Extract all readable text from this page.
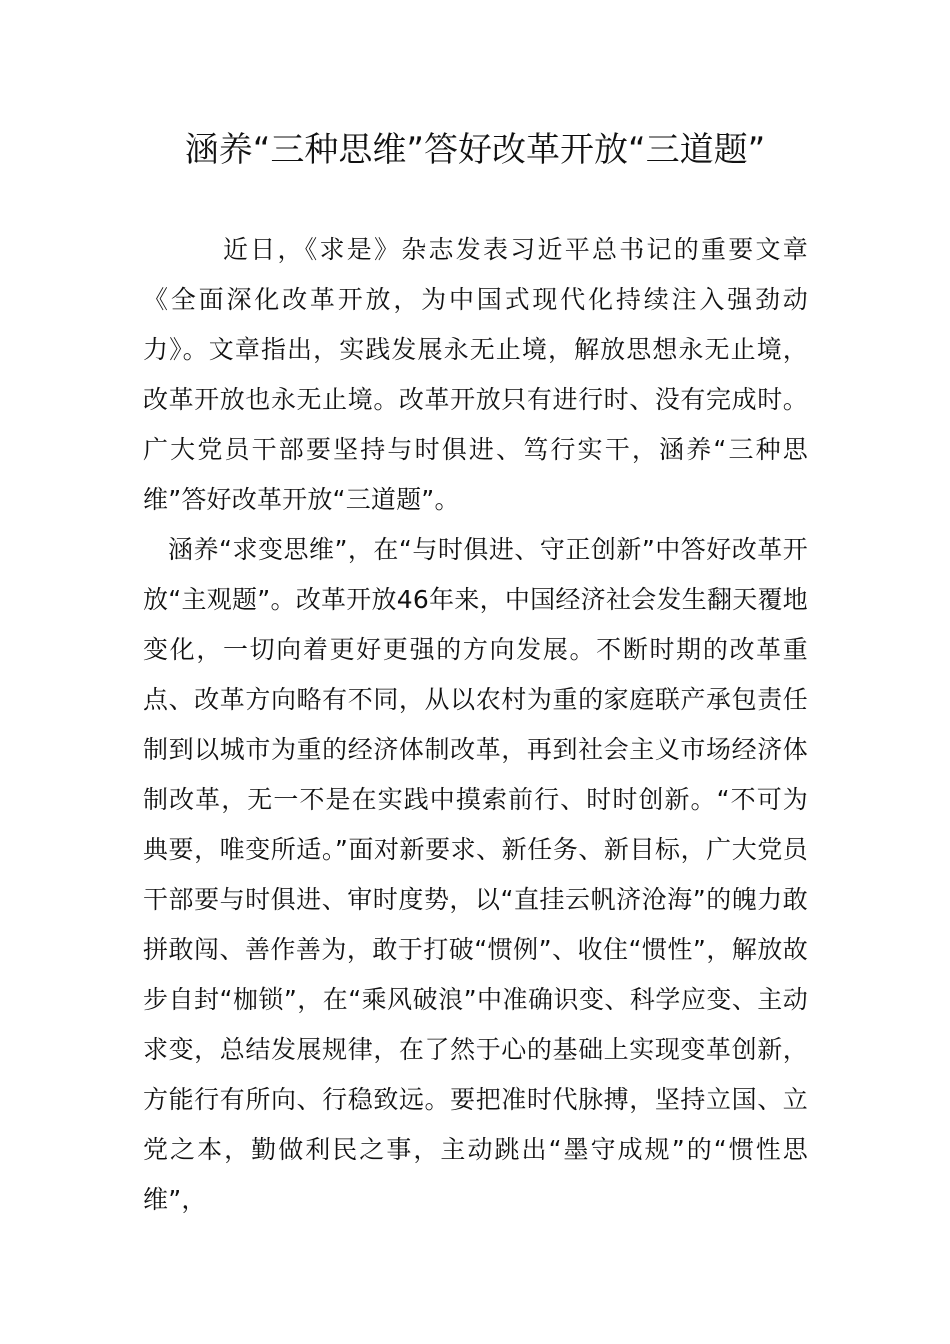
涵养“三种思维”答好改革开放“三道题”

近日，《求是》杂志发表习近平总书记的重要文章《全面深化改革开放，为中国式现代化持续注入强劲动力》。文章指出，实践发展永无止境，解放思想永无止境，改革开放也永无止境。改革开放只有进行时、没有完成时。广大党员干部要坚持与时俱进、笃行实干，涵养“三种思维”答好改革开放“三道题”。

涵养“求变思维”，在“与时俱进、守正创新”中答好改革开放“主观题”。改革开放46年来，中国经济社会发生翻天覆地变化，一切向着更好更强的方向发展。不断时期的改革重点、改革方向略有不同，从以农村为重的家庭联产承包责任制到以城市为重的经济体制改革，再到社会主义市场经济体制改革，无一不是在实践中摸索前行、时时创新。“不可为典要，唯变所适。”面对新要求、新任务、新目标，广大党员干部要与时俱进、审时度势，以“直挂云帆济沧海”的魄力敢拼敢闯、善作善为，敢于打破“惯例”、收住“惯性”，解放故步自封“枷锁”，在“乘风破浪”中准确识变、科学应变、主动求变，总结发展规律，在了然于心的基础上实现变革创新，方能行有所向、行稳致远。要把准时代脉搏，坚持立国、立党之本，勤做利民之事，主动跳出“墨守成规”的“惯性思维”，
